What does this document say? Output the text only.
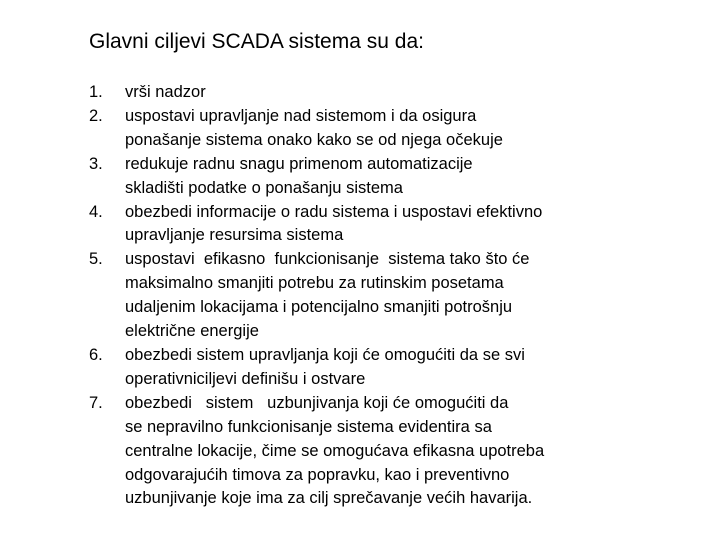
Glavni ciljevi SCADA sistema su da:
1. vrši nadzor
2. uspostavi upravljanje nad sistemom i da osigura
ponašanje sistema onako kako se od njega očekuje
3. redukuje radnu snagu primenom automatizacije
skladišti podatke o ponašanju sistema
4. obezbedi informacije o radu sistema i uspostavi efektivno
upravljanje resursima sistema
5. uspostavi  efikasno  funkcionisanje  sistema tako što će
maksimalno smanjiti potrebu za rutinskim posetama
udaljenim lokacijama i potencijalno smanjiti potrošnju
električne energije
6. obezbedi sistem upravljanja koji će omogućiti da se svi
operativniciljevi definišu i ostvare
7. obezbedi   sistem   uzbunjivanja koji će omogućiti da
se nepravilno funkcionisanje sistema evidentira sa
centralne lokacije, čime se omogućava efikasna upotreba
odgovarajućih timova za popravku, kao i preventivno
uzbunjivanje koje ima za cilj sprečavanje većih havarija.
